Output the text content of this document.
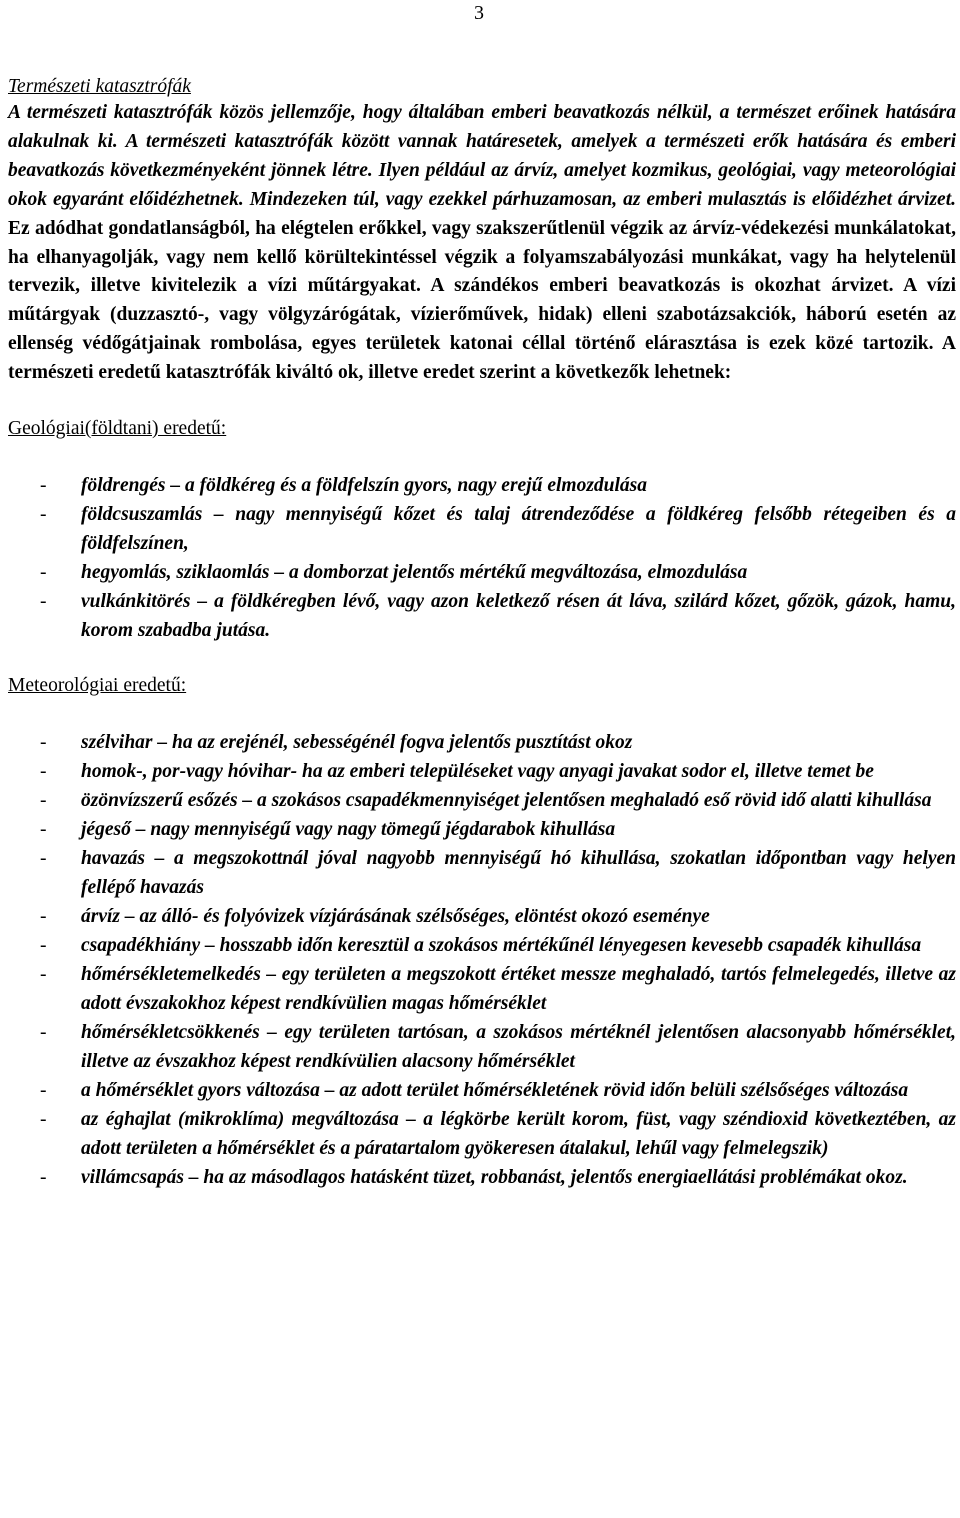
3
Természeti katasztrófák

A természeti katasztrófák közös jellemzője, hogy általában emberi beavatkozás nélkül, a természet erőinek hatására alakulnak ki. A természeti katasztrófák között vannak határesetek, amelyek a természeti erők hatására és emberi beavatkozás következményeként jönnek létre. Ilyen például az árvíz, amelyet kozmikus, geológiai, vagy meteorológiai okok egyaránt előidézhetnek. Mindezeken túl, vagy ezekkel párhuzamosan, az emberi mulasztás is előidézhet árvizet. Ez adódhat gondatlanságból, ha elégtelen erőkkel, vagy szakszerűtlenül végzik az árvíz-védekezési munkálatokat, ha elhanyagolják, vagy nem kellő körültekintéssel végzik a folyamszabályozási munkákat, vagy ha helytelenül tervezik, illetve kivitelezik a vízi műtárgyakat. A szándékos emberi beavatkozás is okozhat árvizet. A vízi műtárgyak (duzzasztó-, vagy völgyzárógátak, vízierőművek, hidak) elleni szabotázsakciók, háború esetén az ellenség védőgátjainak rombolása, egyes területek katonai céllal történő elárasztása is ezek közé tartozik. A természeti eredetű katasztrófák kiváltó ok, illetve eredet szerint a következők lehetnek:

Geológiai(földtani) eredetű:
- földrengés – a földkéreg és a földfelszín gyors, nagy erejű elmozdulása
- földcsuszamlás – nagy mennyiségű kőzet és talaj átrendeződése a földkéreg felsőbb rétegeiben és a földfelszínen,
- hegyomlás, sziklaomlás – a domborzat jelentős mértékű megváltozása, elmozdulása
- vulkánkitörés – a földkéregben lévő, vagy azon keletkező résen át láva, szilárd kőzet, gőzök, gázok, hamu, korom szabadba jutása.
Meteorológiai eredetű:
- szélvihar – ha az erejénél, sebességénél fogva jelentős pusztítást okoz
- homok-, por-vagy hóvihar- ha az emberi településeket vagy anyagi javakat sodor el, illetve temet be
- özönvízszerű esőzés – a szokásos csapadékmennyiséget jelentősen meghaladó eső rövid idő alatti kihullása
- jégeső – nagy mennyiségű vagy nagy tömegű jégdarabok kihullása
- havazás – a megszokottnál jóval nagyobb mennyiségű hó kihullása, szokatlan időpontban vagy helyen fellépő havazás
- árvíz – az álló- és folyóvizek vízjárásának szélsőséges, elöntést okozó eseménye
- csapadékhiány – hosszabb időn keresztül a szokásos mértékűnél lényegesen kevesebb csapadék kihullása
- hőmérsékletemelkedés – egy területen a megszokott értéket messze meghaladó, tartós felmelegedés, illetve az adott évszakokhoz képest rendkívülien magas hőmérséklet
- hőmérsékletcsökkenés – egy területen tartósan, a szokásos mértéknél jelentősen alacsonyabb hőmérséklet, illetve az évszakhoz képest rendkívülien alacsony hőmérséklet
- a hőmérséklet gyors változása – az adott terület hőmérsékletének rövid időn belüli szélsőséges változása
- az éghajlat (mikroklíma) megváltozása – a légkörbe került korom, füst, vagy széndioxid következtében, az adott területen a hőmérséklet és a páratartalom gyökeresen átalakul, lehűl vagy felmelegszik)
- villámcsapás – ha az másodlagos hatásként tüzet, robbanást, jelentős energiaellátási problémákat okoz.
